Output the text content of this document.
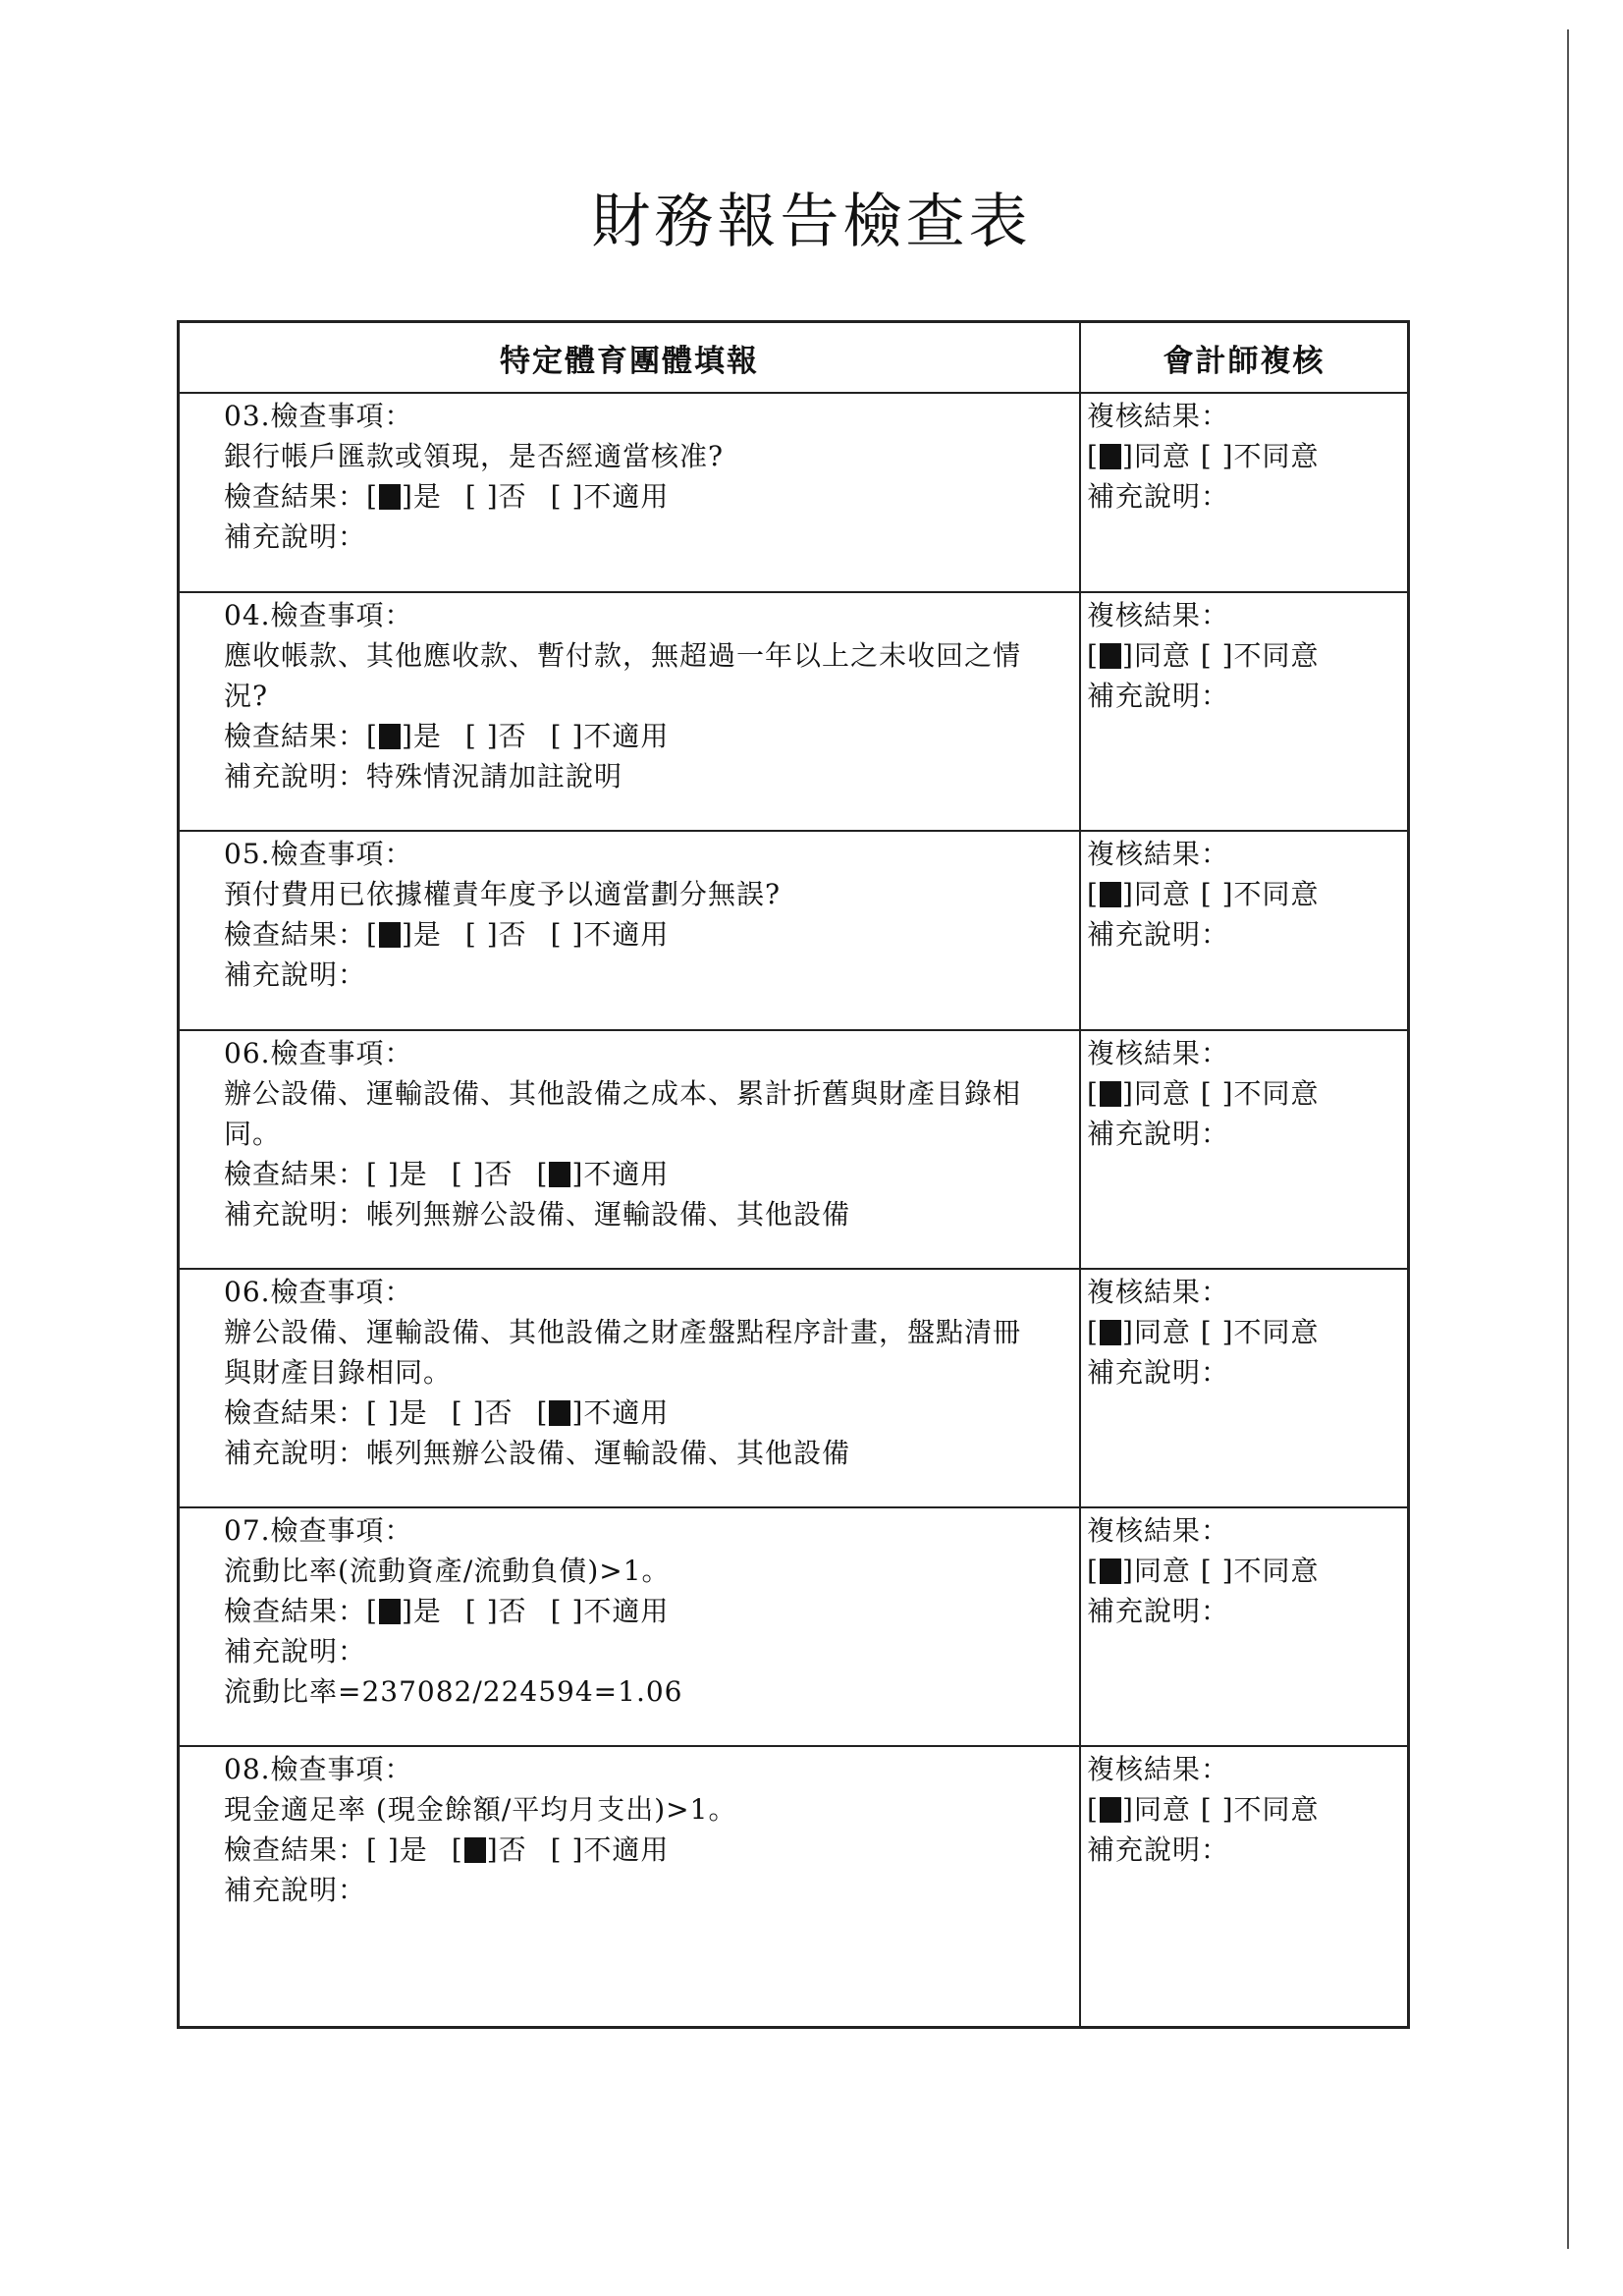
財務報告檢查表
特定體育團體填報	會計師複核
03.檢查事項：
銀行帳戶匯款或領現，是否經適當核准?
檢查結果：[ ]是 [ ]否 [ ]不適用
補充說明：
複核結果：
[ ]同意 [ ]不同意
補充說明：
04.檢查事項：
應收帳款、其他應收款、暫付款，無超過一年以上之未收回之情
況?
檢查結果：[ ]是 [ ]否 [ ]不適用
補充說明：特殊情況請加註說明
複核結果：
[ ]同意 [ ]不同意
補充說明：
05.檢查事項：
預付費用已依據權責年度予以適當劃分無誤?
檢查結果：[ ]是 [ ]否 [ ]不適用
補充說明：
複核結果：
[ ]同意 [ ]不同意
補充說明：
06.檢查事項：
辦公設備、運輸設備、其他設備之成本、累計折舊與財產目錄相
同。
檢查結果：[ ]是 [ ]否 [ ]不適用
補充說明：帳列無辦公設備、運輸設備、其他設備
複核結果：
[ ]同意 [ ]不同意
補充說明：
06.檢查事項：
辦公設備、運輸設備、其他設備之財產盤點程序計畫，盤點清冊
與財產目錄相同。
檢查結果：[ ]是 [ ]否 [ ]不適用
補充說明：帳列無辦公設備、運輸設備、其他設備
複核結果：
[ ]同意 [ ]不同意
補充說明：
07.檢查事項：
流動比率(流動資產/流動負債)>1。
檢查結果：[ ]是 [ ]否 [ ]不適用
補充說明：
流動比率=237082/224594=1.06
複核結果：
[ ]同意 [ ]不同意
補充說明：
08.檢查事項：
現金適足率 (現金餘額/平均月支出)>1。
檢查結果：[ ]是 [ ]否 [ ]不適用
補充說明：
複核結果：
[ ]同意 [ ]不同意
補充說明：
